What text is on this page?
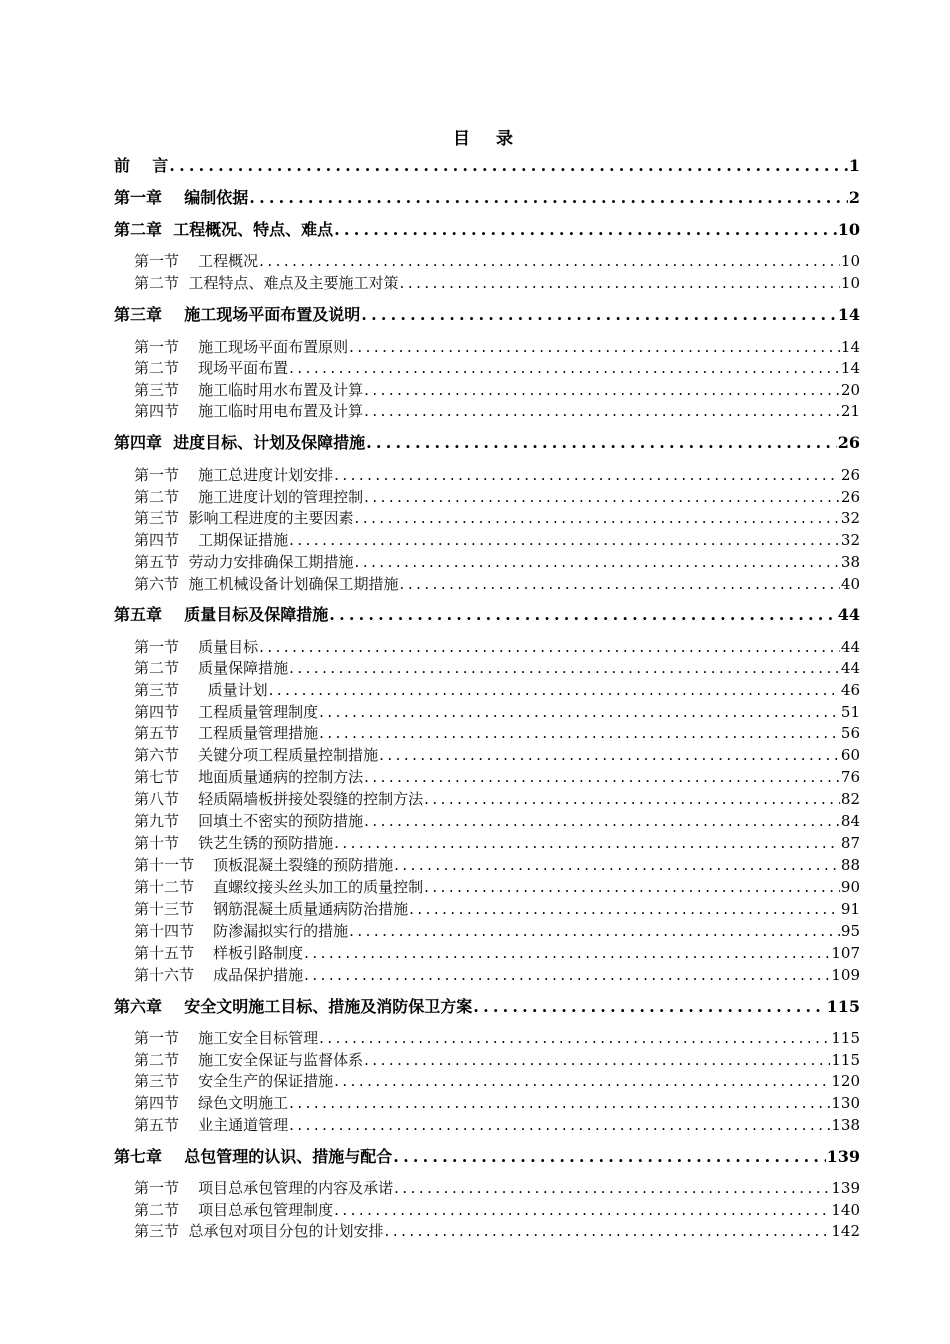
目 录
前    言 .....	1
第一章    编制依据 .....	2
第二章  工程概况、特点、难点 .....	10
第一节    工程概况 .....	10
第二节  工程特点、难点及主要施工对策 .....	10
第三章    施工现场平面布置及说明 .....	14
第一节    施工现场平面布置原则 .....	14
第二节    现场平面布置 .....	14
第三节    施工临时用水布置及计算 .....	20
第四节    施工临时用电布置及计算 .....	21
第四章  进度目标、计划及保障措施 .....	26
第一节    施工总进度计划安排 .....	26
第二节    施工进度计划的管理控制 .....	26
第三节  影响工程进度的主要因素 .....	32
第四节    工期保证措施 .....	32
第五节  劳动力安排确保工期措施 .....	38
第六节  施工机械设备计划确保工期措施 .....	40
第五章    质量目标及保障措施 .....	44
第一节    质量目标 .....	44
第二节    质量保障措施 .....	44
第三节      质量计划 .....	46
第四节    工程质量管理制度 .....	51
第五节    工程质量管理措施 .....	56
第六节    关键分项工程质量控制措施 .....	60
第七节    地面质量通病的控制方法 .....	76
第八节    轻质隔墙板拼接处裂缝的控制方法 .....	82
第九节    回填土不密实的预防措施 .....	84
第十节    铁艺生锈的预防措施 .....	87
第十一节    顶板混凝土裂缝的预防措施 .....	88
第十二节    直螺纹接头丝头加工的质量控制 .....	90
第十三节    钢筋混凝土质量通病防治措施 .....	91
第十四节    防渗漏拟实行的措施 .....	95
第十五节    样板引路制度 .....	107
第十六节    成品保护措施 .....	109
第六章    安全文明施工目标、措施及消防保卫方案 .....	115
第一节    施工安全目标管理 .....	115
第二节    施工安全保证与监督体系 .....	115
第三节    安全生产的保证措施 .....	120
第四节    绿色文明施工 .....	130
第五节    业主通道管理 .....	138
第七章    总包管理的认识、措施与配合 .....	139
第一节    项目总承包管理的内容及承诺 .....	139
第二节    项目总承包管理制度 .....	140
第三节  总承包对项目分包的计划安排 .....	142
